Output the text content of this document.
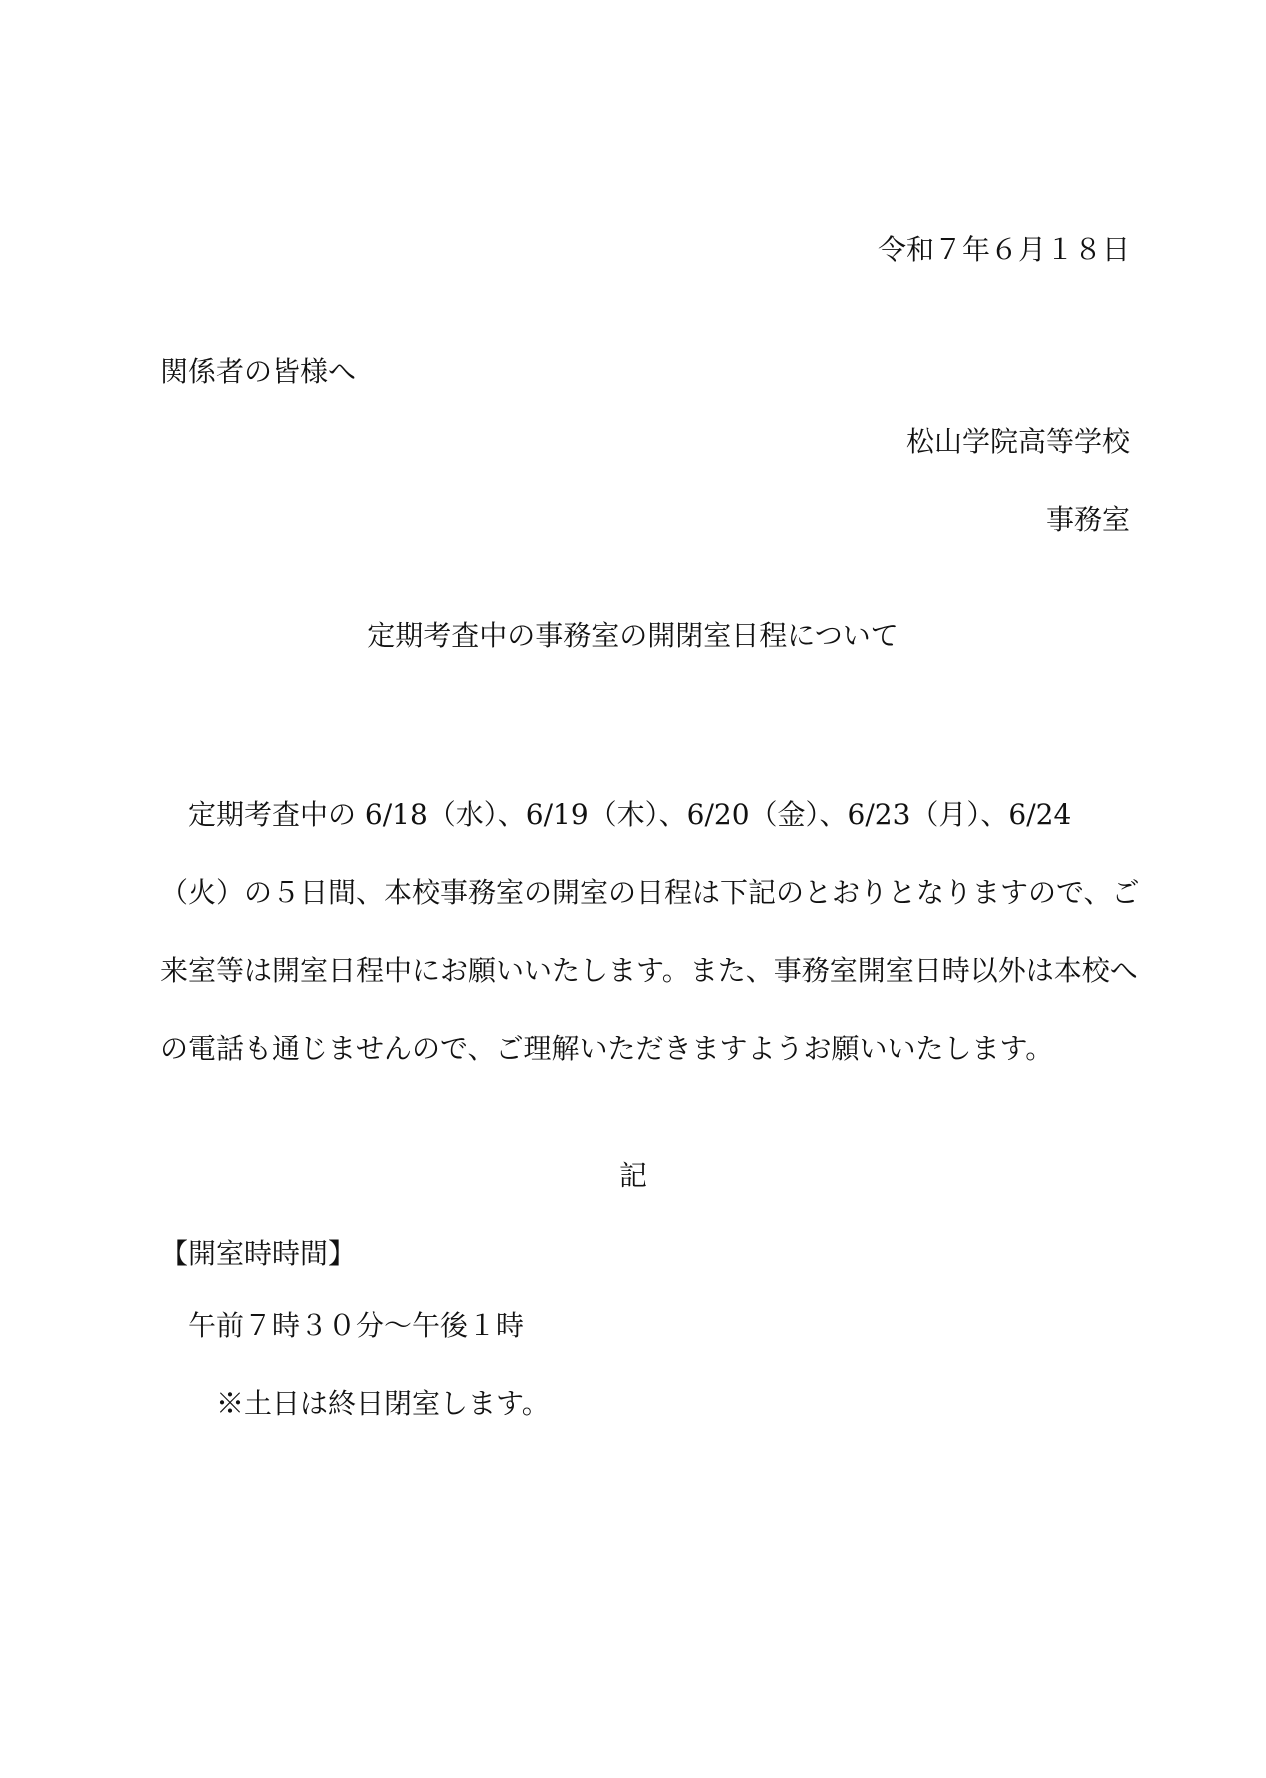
令和７年６月１８日
関係者の皆様へ
松山学院高等学校
事務室
定期考査中の事務室の開閉室日程について
定期考査中の 6/18（水）、6/19（木）、6/20（金）、6/23（月）、6/24（火）の５日間、本校事務室の開室の日程は下記のとおりとなりますので、ご来室等は開室日程中にお願いいたします。また、事務室開室日時以外は本校への電話も通じませんので、ご理解いただきますようお願いいたします。
記
【開室時時間】
午前７時３０分～午後１時
※土日は終日閉室します。
